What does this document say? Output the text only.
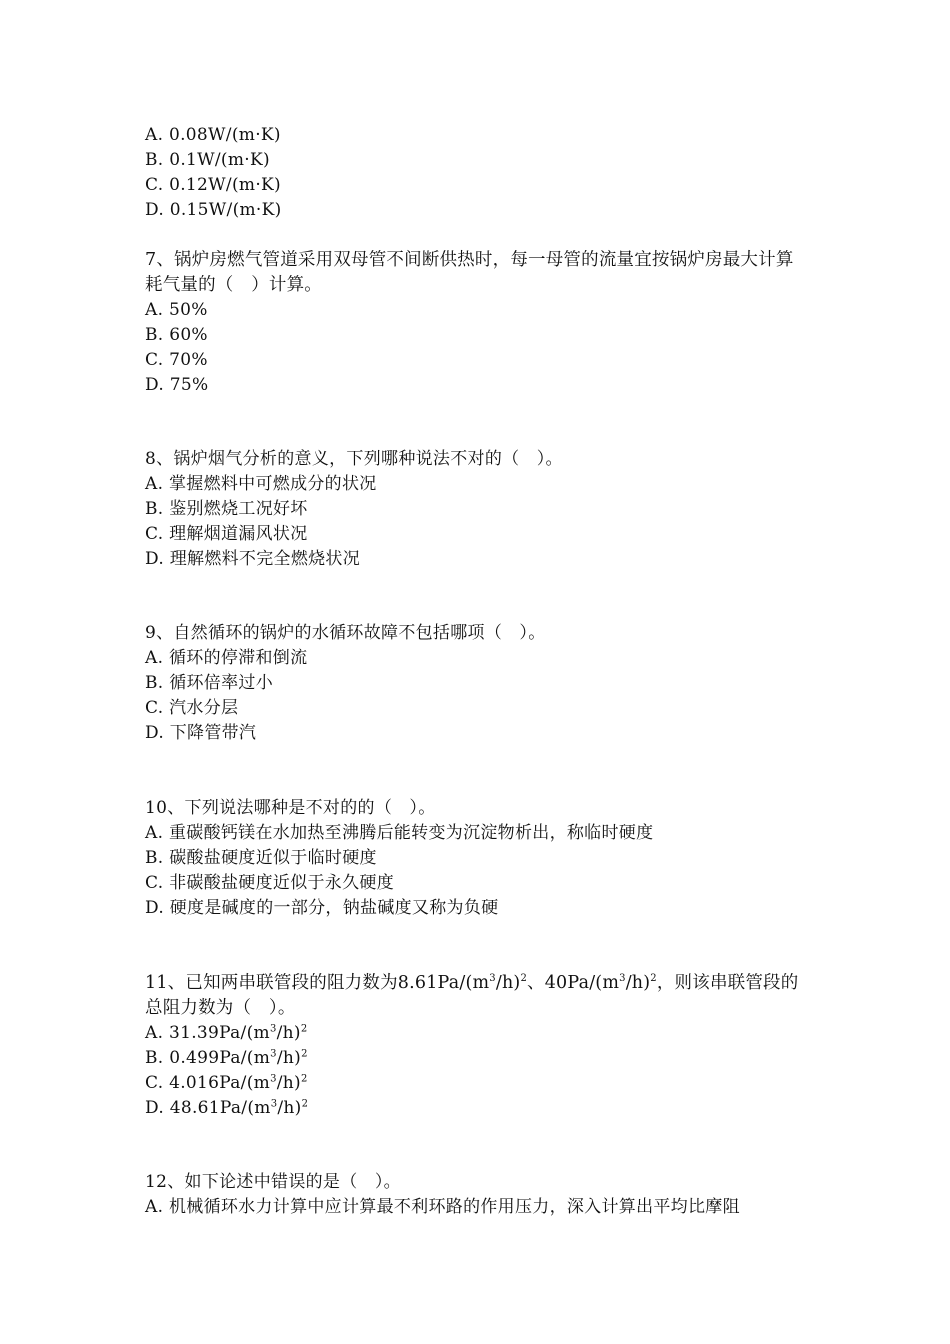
A. 0.08W/(m·K)
B. 0.1W/(m·K)
C. 0.12W/(m·K)
D. 0.15W/(m·K)
7、锅炉房燃气管道采用双母管不间断供热时，每一母管的流量宜按锅炉房最大计算耗气量的（　）计算。
A. 50%
B. 60%
C. 70%
D. 75%
8、锅炉烟气分析的意义，下列哪种说法不对的（　）。
A. 掌握燃料中可燃成分的状况
B. 鉴别燃烧工况好坏
C. 理解烟道漏风状况
D. 理解燃料不完全燃烧状况
9、自然循环的锅炉的水循环故障不包括哪项（　）。
A. 循环的停滞和倒流
B. 循环倍率过小
C. 汽水分层
D. 下降管带汽
10、下列说法哪种是不对的的（　）。
A. 重碳酸钙镁在水加热至沸腾后能转变为沉淀物析出，称临时硬度
B. 碳酸盐硬度近似于临时硬度
C. 非碳酸盐硬度近似于永久硬度
D. 硬度是碱度的一部分，钠盐碱度又称为负硬
11、已知两串联管段的阻力数为$8.61Pa/(m^3/h)^2$、$40Pa/(m^3/h)^2$，则该串联管段的总阻力数为（　）。
A. $31.39Pa/(m^3/h)^2$
B. $0.499Pa/(m^3/h)^2$
C. $4.016Pa/(m^3/h)^2$
D. $48.61Pa/(m^3/h)^2$
12、如下论述中错误的是（　）。
A. 机械循环水力计算中应计算最不利环路的作用压力，深入计算出平均比摩阻
